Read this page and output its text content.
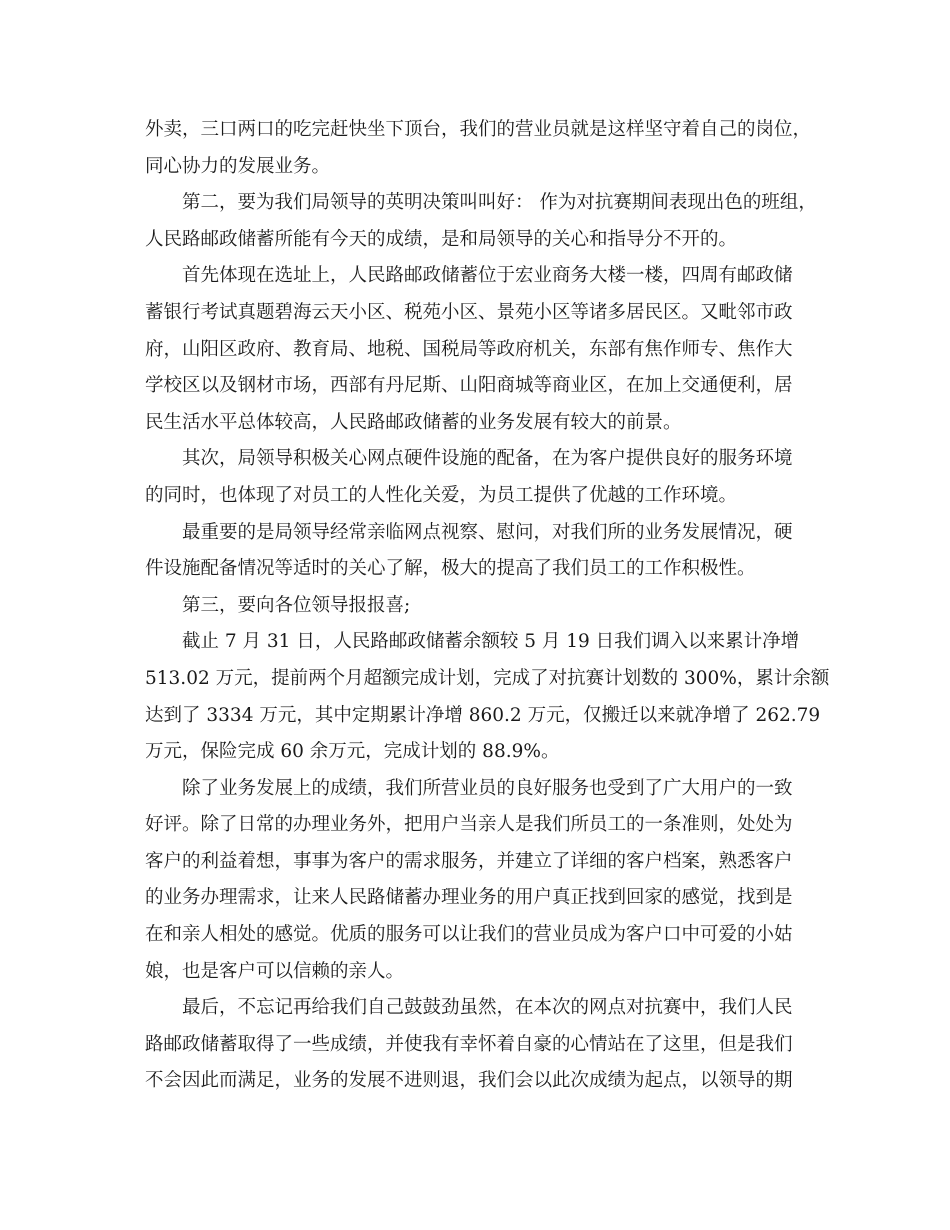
外卖，三口两口的吃完赶快坐下顶台，我们的营业员就是这样坚守着自己的岗位，
同心协力的发展业务。
第二，要为我们局领导的英明决策叫叫好： 作为对抗赛期间表现出色的班组，
人民路邮政储蓄所能有今天的成绩，是和局领导的关心和指导分不开的。
首先体现在选址上，人民路邮政储蓄位于宏业商务大楼一楼，四周有邮政储
蓄银行考试真题碧海云天小区、税苑小区、景苑小区等诸多居民区。又毗邻市政
府，山阳区政府、教育局、地税、国税局等政府机关，东部有焦作师专、焦作大
学校区以及钢材市场，西部有丹尼斯、山阳商城等商业区，在加上交通便利，居
民生活水平总体较高，人民路邮政储蓄的业务发展有较大的前景。
其次，局领导积极关心网点硬件设施的配备，在为客户提供良好的服务环境
的同时，也体现了对员工的人性化关爱，为员工提供了优越的工作环境。
最重要的是局领导经常亲临网点视察、慰问，对我们所的业务发展情况，硬
件设施配备情况等适时的关心了解，极大的提高了我们员工的工作积极性。
第三，要向各位领导报报喜;
截止 7 月 31 日，人民路邮政储蓄余额较 5 月 19 日我们调入以来累计净增
513.02 万元，提前两个月超额完成计划，完成了对抗赛计划数的 300%，累计余额
达到了 3334 万元，其中定期累计净增 860.2 万元，仅搬迁以来就净增了 262.79
万元，保险完成 60 余万元，完成计划的 88.9%。
除了业务发展上的成绩，我们所营业员的良好服务也受到了广大用户的一致
好评。除了日常的办理业务外，把用户当亲人是我们所员工的一条准则，处处为
客户的利益着想，事事为客户的需求服务，并建立了详细的客户档案，熟悉客户
的业务办理需求，让来人民路储蓄办理业务的用户真正找到回家的感觉，找到是
在和亲人相处的感觉。优质的服务可以让我们的营业员成为客户口中可爱的小姑
娘，也是客户可以信赖的亲人。
最后，不忘记再给我们自己鼓鼓劲虽然，在本次的网点对抗赛中，我们人民
路邮政储蓄取得了一些成绩，并使我有幸怀着自豪的心情站在了这里，但是我们
不会因此而满足，业务的发展不进则退，我们会以此次成绩为起点，以领导的期
